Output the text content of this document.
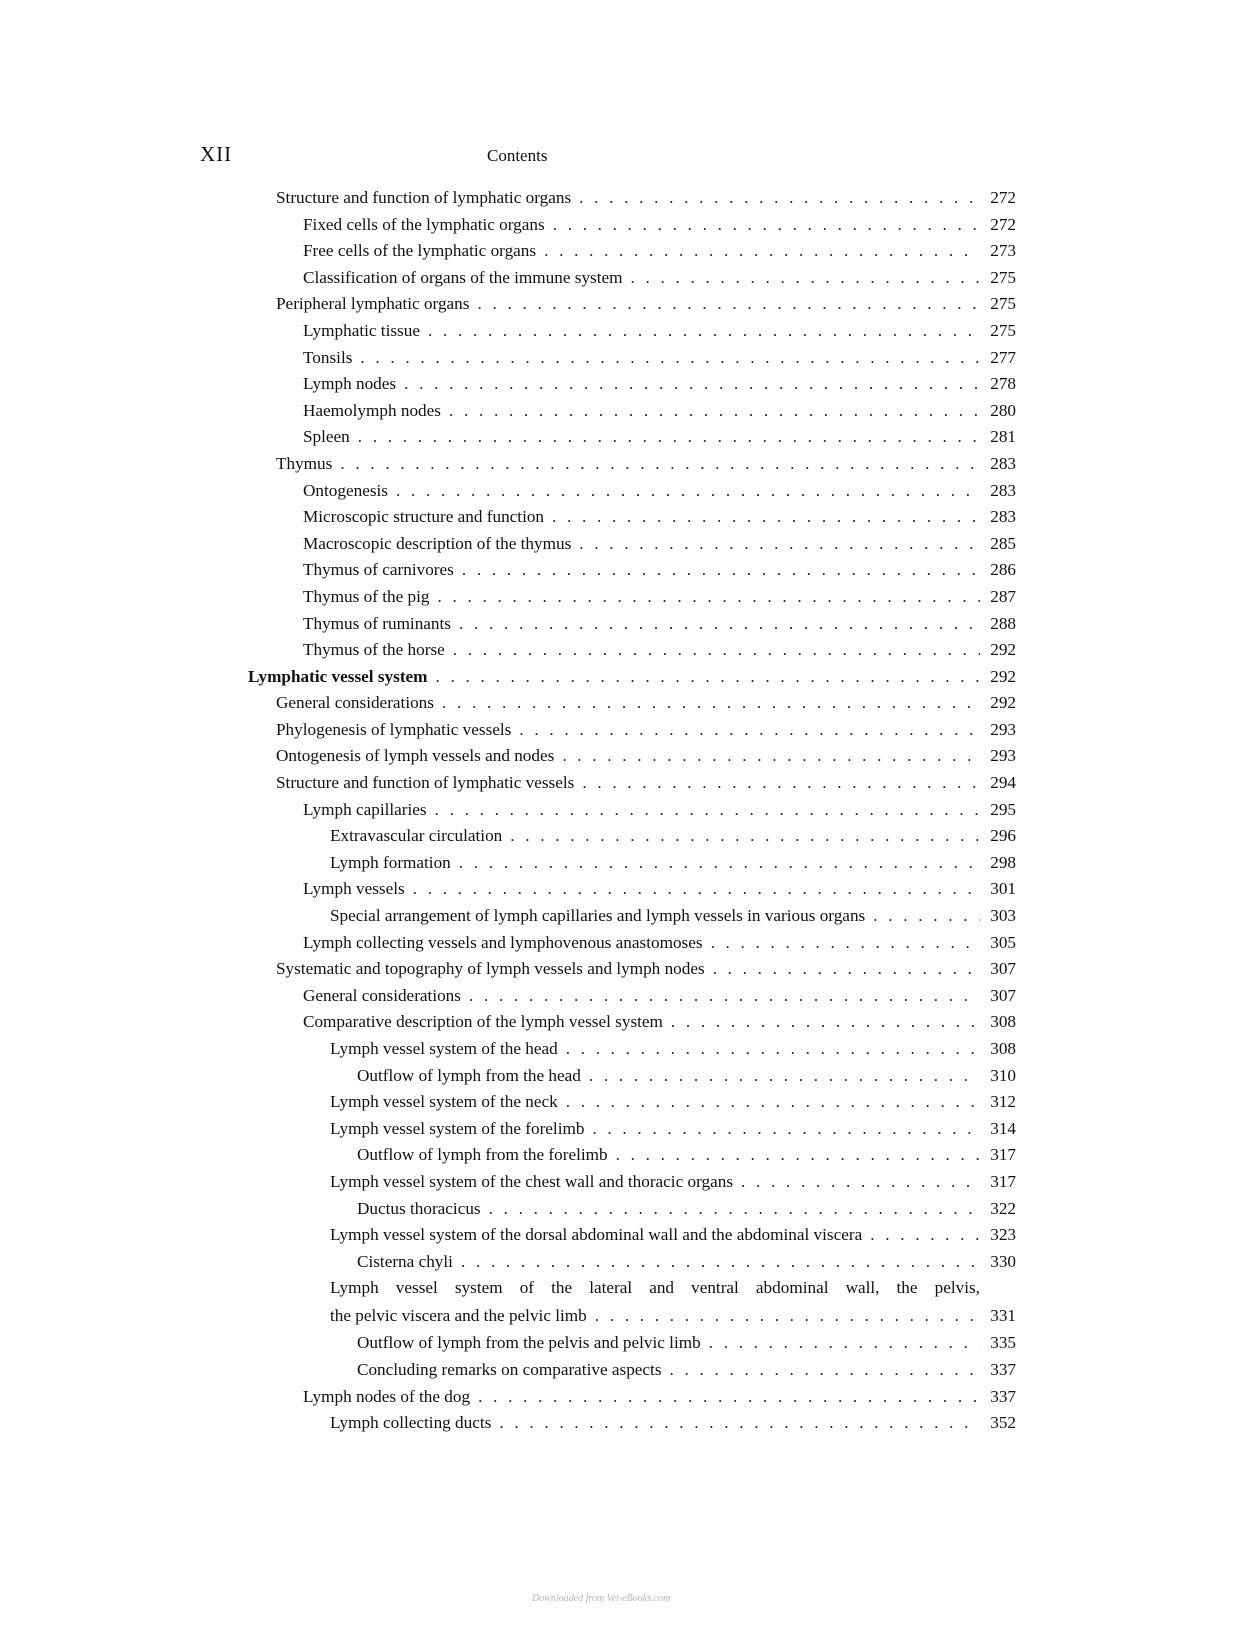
XII	Contents
Structure and function of lymphatic organs . . .	272
Fixed cells of the lymphatic organs . . .	272
Free cells of the lymphatic organs . . .	273
Classification of organs of the immune system . . .	275
Peripheral lymphatic organs . . .	275
Lymphatic tissue . . .	275
Tonsils . . .	277
Lymph nodes . . .	278
Haemolymph nodes . . .	280
Spleen . . .	281
Thymus . . .	283
Ontogenesis . . .	283
Microscopic structure and function . . .	283
Macroscopic description of the thymus . . .	285
Thymus of carnivores . . .	286
Thymus of the pig . . .	287
Thymus of ruminants . . .	288
Thymus of the horse . . .	292
Lymphatic vessel system . . .	292
General considerations . . .	292
Phylogenesis of lymphatic vessels . . .	293
Ontogenesis of lymph vessels and nodes . . .	293
Structure and function of lymphatic vessels . . .	294
Lymph capillaries . . .	295
Extravascular circulation . . .	296
Lymph formation . . .	298
Lymph vessels . . .	301
Special arrangement of lymph capillaries and lymph vessels in various organs . . .	303
Lymph collecting vessels and lymphovenous anastomoses . . .	305
Systematic and topography of lymph vessels and lymph nodes . . .	307
General considerations . . .	307
Comparative description of the lymph vessel system . . .	308
Lymph vessel system of the head . . .	308
Outflow of lymph from the head . . .	310
Lymph vessel system of the neck . . .	312
Lymph vessel system of the forelimb . . .	314
Outflow of lymph from the forelimb . . .	317
Lymph vessel system of the chest wall and thoracic organs . . .	317
Ductus thoracicus . . .	322
Lymph vessel system of the dorsal abdominal wall and the abdominal viscera . . .	323
Cisterna chyli . . .	330
Lymph vessel system of the lateral and ventral abdominal wall, the pelvis,
the pelvic viscera and the pelvic limb . . .	331
Outflow of lymph from the pelvis and pelvic limb . . .	335
Concluding remarks on comparative aspects . . .	337
Lymph nodes of the dog . . .	337
Lymph collecting ducts . . .	352
Downloaded from Vet-eBooks.com
